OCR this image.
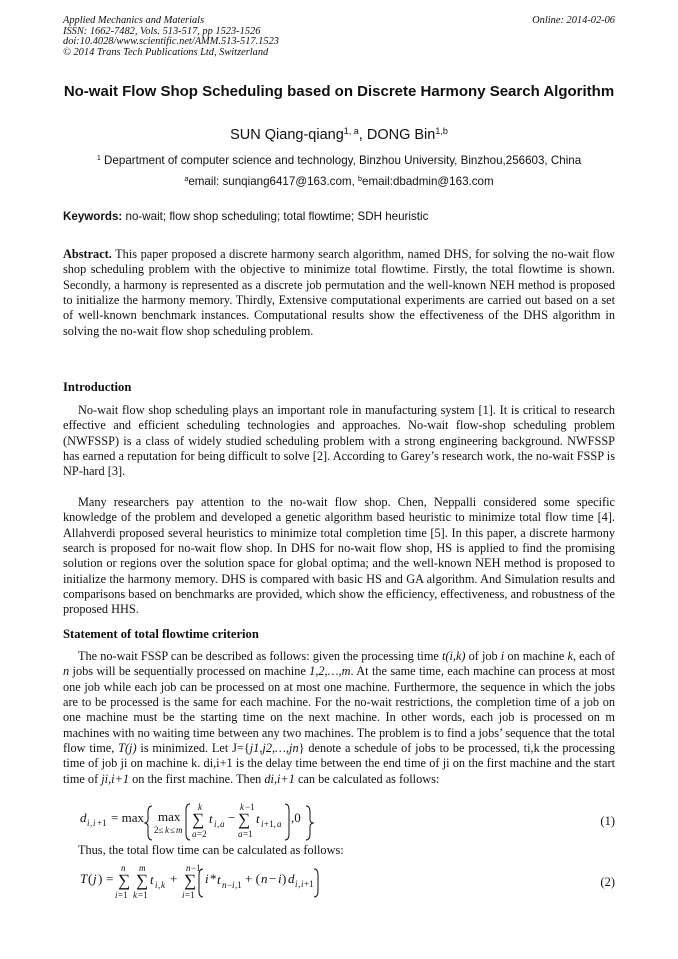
Applied Mechanics and Materials
ISSN: 1662-7482, Vols. 513-517, pp 1523-1526
doi:10.4028/www.scientific.net/AMM.513-517.1523
© 2014 Trans Tech Publications Ltd, Switzerland
Online: 2014-02-06
No-wait Flow Shop Scheduling based on Discrete Harmony Search Algorithm
SUN Qiang-qiang$^{1, a}$, DONG Bin$^{1,b}$
$^1$ Department of computer science and technology, Binzhou University, Binzhou,256603, China
$^a$email: sunqiang6417@163.com, $^b$email:dbadmin@163.com
Keywords: no-wait; flow shop scheduling; total flowtime; SDH heuristic

Abstract. This paper proposed a discrete harmony search algorithm, named DHS, for solving the no-wait flow shop scheduling problem with the objective to minimize total flowtime. Firstly, the total flowtime is shown. Secondly, a harmony is represented as a discrete job permutation and the well-known NEH method is proposed to initialize the harmony memory. Thirdly, Extensive computational experiments are carried out based on a set of well-known benchmark instances. Computational results show the effectiveness of the DHS algorithm in solving the no-wait flow shop scheduling problem.

Introduction

No-wait flow shop scheduling plays an important role in manufacturing system [1]. It is critical to research effective and efficient scheduling technologies and approaches. No-wait flow-shop scheduling problem (NWFSSP) is a class of widely studied scheduling problem with a strong engineering background. NWFSSP has earned a reputation for being difficult to solve [2]. According to Garey’s research work, the no-wait FSSP is NP-hard [3].

Many researchers pay attention to the no-wait flow shop. Chen, Neppalli considered some specific knowledge of the problem and developed a genetic algorithm based heuristic to minimize total flow time [4]. Allahverdi proposed several heuristics to minimize total completion time [5]. In this paper, a discrete harmony search is proposed for no-wait flow shop. In DHS for no-wait flow shop, HS is applied to find the promising solution or regions over the solution space for global optima; and the well-known NEH method is proposed to initialize the harmony memory. DHS is compared with basic HS and GA algorithm. And Simulation results and comparisons based on benchmarks are provided, which show the efficiency, effectiveness, and robustness of the proposed HHS.

Statement of total flowtime criterion

The no-wait FSSP can be described as follows: given the processing time t(i,k) of job i on machine k, each of n jobs will be sequentially processed on machine 1,2,…,m. At the same time, each machine can process at most one job while each job can be processed on at most one machine. Furthermore, the sequence in which the jobs are to be processed is the same for each machine. For the no-wait restrictions, the completion time of a job on one machine must be the starting time on the next machine. In other words, each job is processed on m machines with no waiting time between any two machines. The problem is to find a jobs’ sequence that the total flow time, T(j) is minimized. Let J={j1,j2,…,jn} denote a schedule of jobs to be processed, ti,k the processing time of job ji on machine k. di,i+1 is the delay time between the end time of ji on the first machine and the start time of ji,i+1 on the first machine. Then di,i+1 can be calculated as follows:

d i , i +1 = max max
2≤ k ≤ m
k
∑
a =2
t i , a −
k −1
∑
a =1
t i +1, a ,0	(1)

Thus, the total flow time can be calculated as follows:

T ( j ) =
n
∑
i =1
m
∑
k =1
t i , k +
n −1
∑
i =1
i * t n − i ,1 + ( n − i ) d i , i +1	(2)
